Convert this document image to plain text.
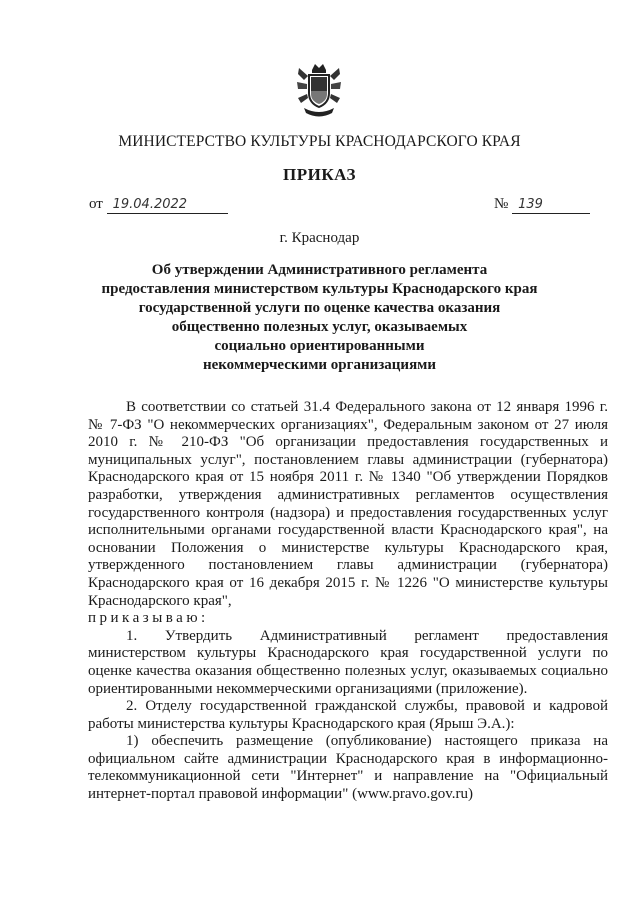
МИНИСТЕРСТВО КУЛЬТУРЫ КРАСНОДАРСКОГО КРАЯ
ПРИКАЗ
от 19.04.2022	№ 139
г. Краснодар
Об утверждении Административного регламента
предоставления министерством культуры Краснодарского края
государственной услуги по оценке качества оказания
общественно полезных услуг, оказываемых
социально ориентированными
некоммерческими организациями

В соответствии со статьей 31.4 Федерального закона от 12 января 1996 г. № 7-ФЗ "О некоммерческих организациях", Федеральным законом от 27 июля 2010 г. № 210-ФЗ "Об организации предоставления государственных и муниципальных услуг", постановлением главы администрации (губернатора) Краснодарского края от 15 ноября 2011 г. № 1340 "Об утверждении Порядков разработки, утверждения административных регламентов осуществления государственного контроля (надзора) и предоставления государственных услуг исполнительными органами государственной власти Краснодарского края", на основании Положения о министерстве культуры Краснодарского края, утвержденного постановлением главы администрации (губернатора) Краснодарского края от 16 декабря 2015 г. № 1226 "О министерстве культуры Краснодарского края",

приказываю:

1. Утвердить Административный регламент предоставления министерством культуры Краснодарского края государственной услуги по оценке качества оказания общественно полезных услуг, оказываемых социально ориентированными некоммерческими организациями (приложение).

2. Отделу государственной гражданской службы, правовой и кадровой работы министерства культуры Краснодарского края (Ярыш Э.А.):

1) обеспечить размещение (опубликование) настоящего приказа на официальном сайте администрации Краснодарского края в информационно-телекоммуникационной сети "Интернет" и направление на "Официальный интернет-портал правовой информации" (www.pravo.gov.ru)
